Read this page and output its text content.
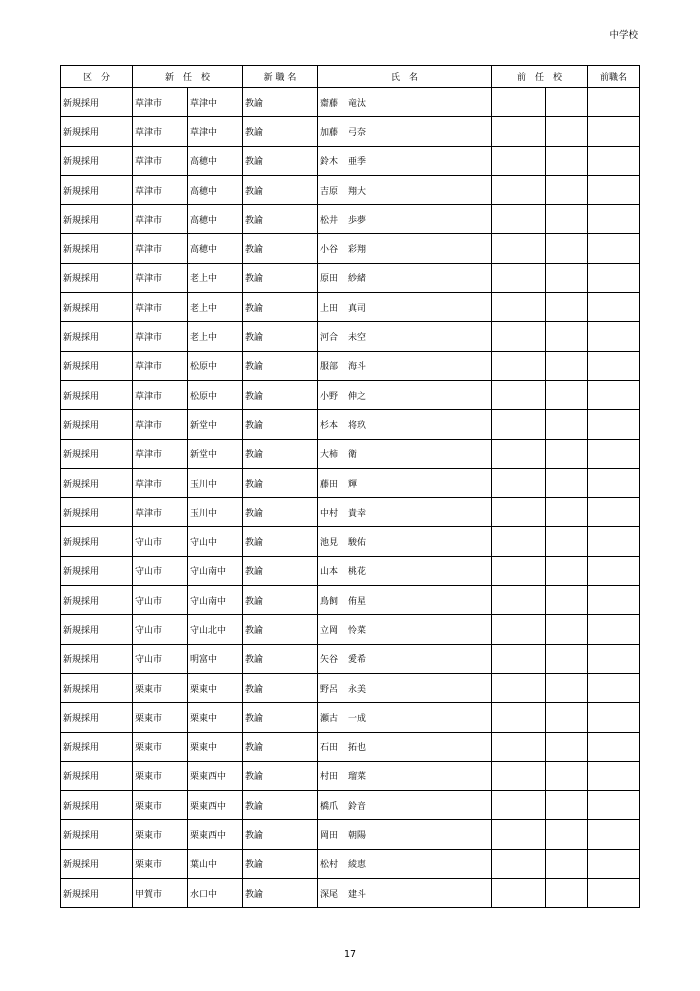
中学校
区　分	新　任　校		新 職 名	氏　名	前　任　校		前職名	
新規採用	草津市	草津中	教諭	齋藤 竜汰				
新規採用	草津市	草津中	教諭	加藤 弓奈				
新規採用	草津市	高穂中	教諭	鈴木 亜季				
新規採用	草津市	高穂中	教諭	吉原 翔大				
新規採用	草津市	高穂中	教諭	松井 歩夢				
新規採用	草津市	高穂中	教諭	小谷 彩翔				
新規採用	草津市	老上中	教諭	原田 紗緒				
新規採用	草津市	老上中	教諭	上田 真司				
新規採用	草津市	老上中	教諭	河合 未空				
新規採用	草津市	松原中	教諭	服部 海斗				
新規採用	草津市	松原中	教諭	小野 伸之				
新規採用	草津市	新堂中	教諭	杉本 将玖				
新規採用	草津市	新堂中	教諭	大柿 衛				
新規採用	草津市	玉川中	教諭	藤田 輝				
新規採用	草津市	玉川中	教諭	中村 貴幸				
新規採用	守山市	守山中	教諭	池見 駿佑				
新規採用	守山市	守山南中	教諭	山本 桃花				
新規採用	守山市	守山南中	教諭	鳥飼 侑星				
新規採用	守山市	守山北中	教諭	立岡 怜菜				
新規採用	守山市	明富中	教諭	矢谷 愛希				
新規採用	栗東市	栗東中	教諭	野呂 永美				
新規採用	栗東市	栗東中	教諭	瀬古 一成				
新規採用	栗東市	栗東中	教諭	石田 拓也				
新規採用	栗東市	栗東西中	教諭	村田 瑠菜				
新規採用	栗東市	栗東西中	教諭	橋爪 鈴音				
新規採用	栗東市	栗東西中	教諭	岡田 朝陽				
新規採用	栗東市	葉山中	教諭	松村 綾恵				
新規採用	甲賀市	水口中	教諭	深尾 建斗				
17
